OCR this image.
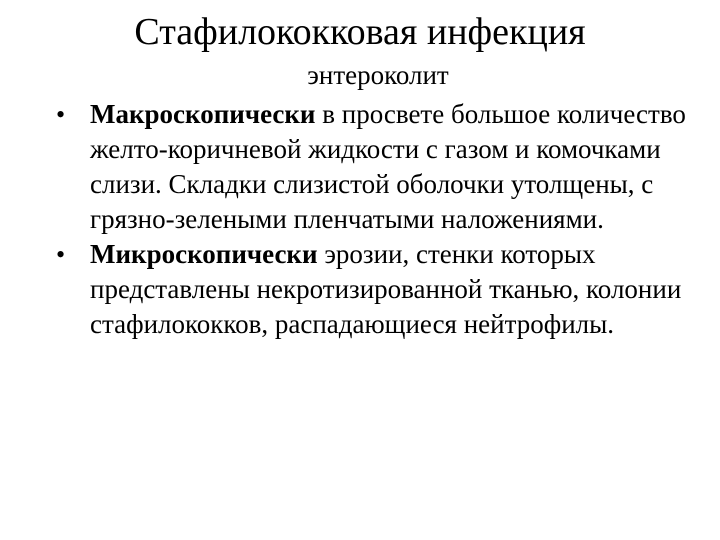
Стафилококковая инфекция
энтероколит
• Макроскопически в просвете большое количество желто-коричневой жидкости с газом и комочками слизи. Складки слизистой оболочки утолщены, с грязно-зелеными пленчатыми наложениями.
• Микроскопически эрозии, стенки которых представлены некротизированной тканью, колонии стафилококков, распадающиеся нейтрофилы.
